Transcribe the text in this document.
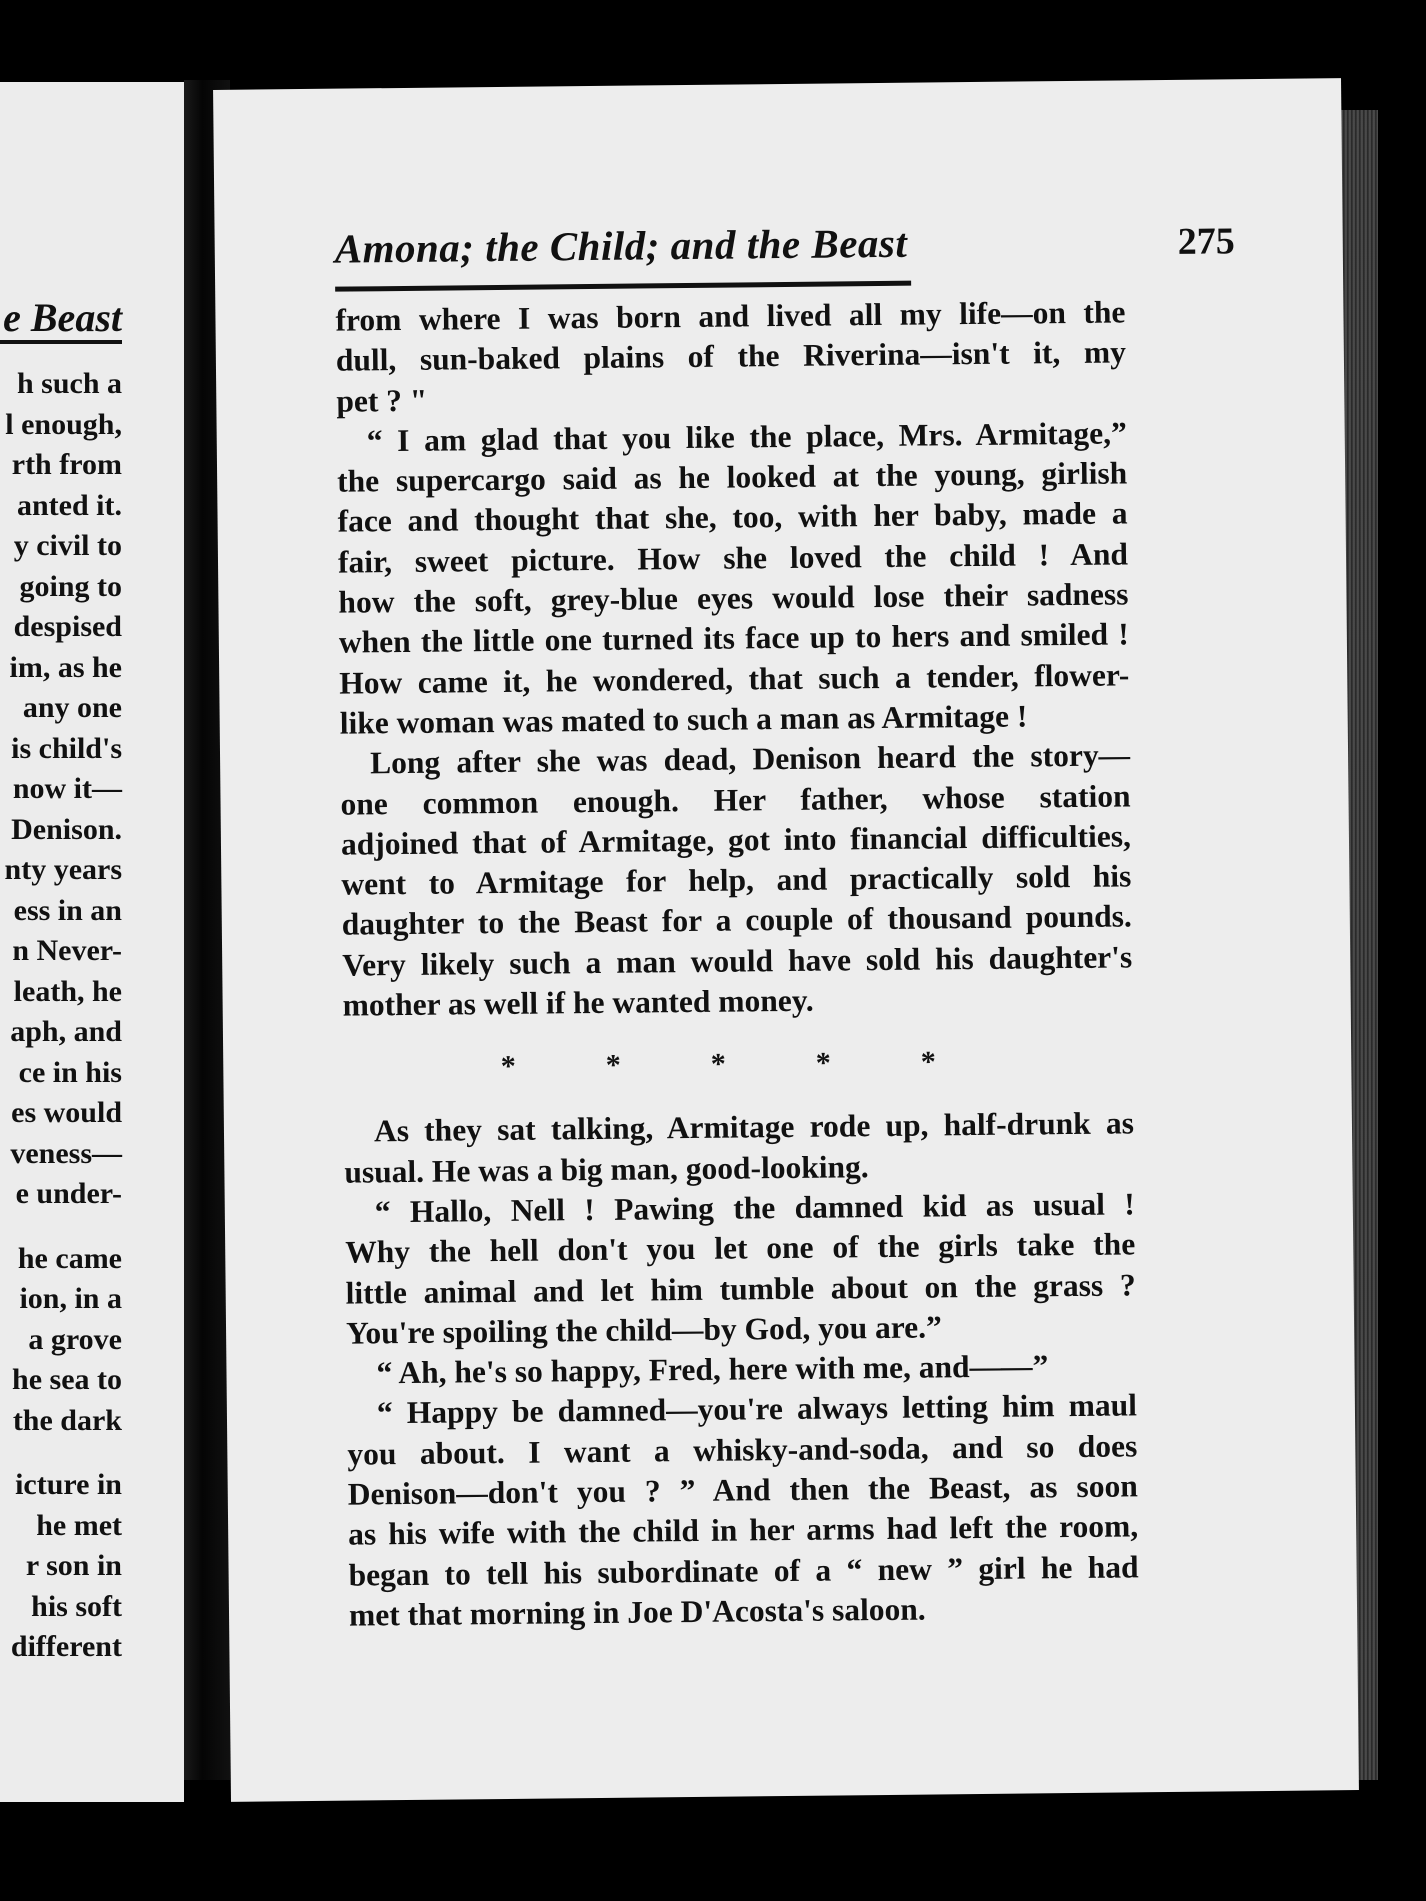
e Beast
h such a
l enough,
rth from
anted it.
y civil to
going to
despised
im, as he
any one
is child's
now it—
Denison.
nty years
ess in an
n Never-
leath, he
aph, and
ce in his
es would
veness—
e under-
he came
ion, in a
a grove
he sea to
the dark
icture in
he met
r son in
his soft
different
Amona; the Child; and the Beast	275
from where I was born and lived all my life—on the
dull, sun-baked plains of the Riverina—isn't it, my
pet ? "
“ I am glad that you like the place, Mrs. Armitage,”
the supercargo said as he looked at the young, girlish
face and thought that she, too, with her baby, made a
fair, sweet picture. How she loved the child ! And
how the soft, grey-blue eyes would lose their sadness
when the little one turned its face up to hers and smiled !
How came it, he wondered, that such a tender, flower-
like woman was mated to such a man as Armitage !
Long after she was dead, Denison heard the story—
one common enough. Her father, whose station
adjoined that of Armitage, got into financial difficulties,
went to Armitage for help, and practically sold his
daughter to the Beast for a couple of thousand pounds.
Very likely such a man would have sold his daughter's
mother as well if he wanted money.
*	*	*	*	*
As they sat talking, Armitage rode up, half-drunk as
usual. He was a big man, good-looking.
“ Hallo, Nell ! Pawing the damned kid as usual !
Why the hell don't you let one of the girls take the
little animal and let him tumble about on the grass ?
You're spoiling the child—by God, you are.”
“ Ah, he's so happy, Fred, here with me, and——”
“ Happy be damned—you're always letting him maul
you about. I want a whisky-and-soda, and so does
Denison—don't you ? ” And then the Beast, as soon
as his wife with the child in her arms had left the room,
began to tell his subordinate of a “ new ” girl he had
met that morning in Joe D'Acosta's saloon.
